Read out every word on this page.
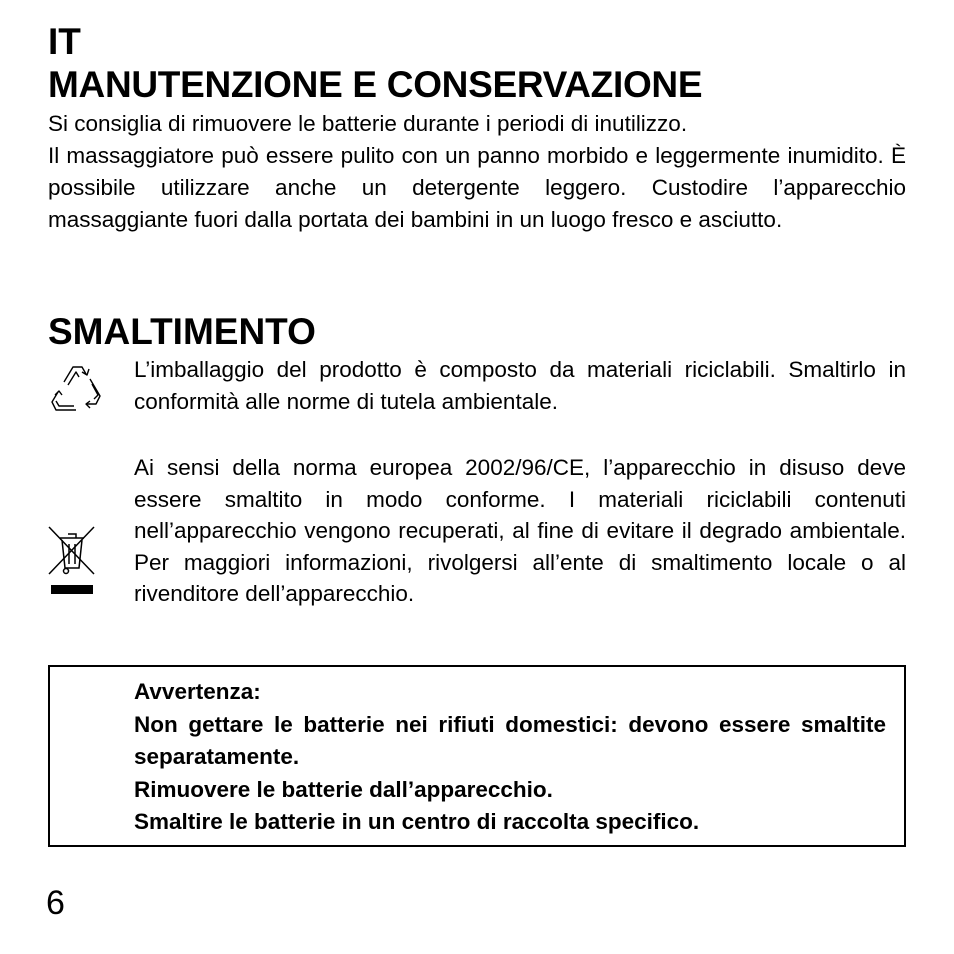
IT
MANUTENZIONE E CONSERVAZIONE
Si consiglia di rimuovere le batterie durante i periodi di inutilizzo.
Il massaggiatore può essere pulito con un panno morbido e leggermente inumidito. È possibile utilizzare anche un detergente leggero. Custodire l’apparecchio massaggiante fuori dalla portata dei bambini in un luogo fresco e asciutto.
SMALTIMENTO
L’imballaggio del prodotto è composto da materiali riciclabili. Smaltirlo in conformità alle norme di tutela ambientale.
Ai sensi della norma europea 2002/96/CE, l’apparecchio in disuso deve essere smaltito in modo conforme. I materiali riciclabili contenuti nell’apparecchio vengono recuperati, al fine di evitare il degrado ambientale. Per maggiori informazioni, rivolgersi all’ente di smaltimento locale o al rivenditore dell’apparecchio.
Avvertenza:
Non gettare le batterie nei rifiuti domestici: devono essere smaltite separatamente.
Rimuovere le batterie dall’apparecchio.
Smaltire le batterie in un centro di raccolta specifico.
6
